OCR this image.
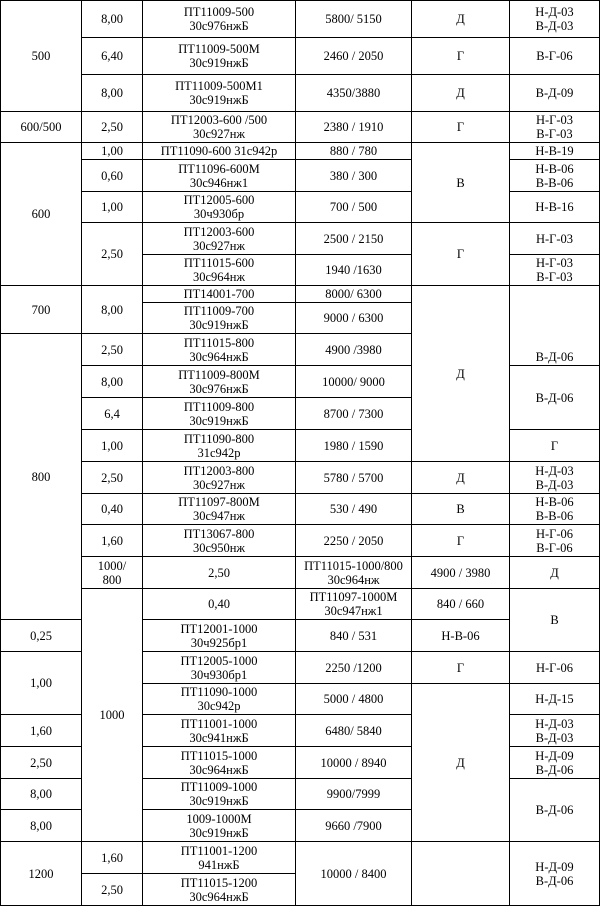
500	8,00	ПТ11009-500
30с976нжБ	5800/ 5150	Д	Н-Д-03
В-Д-03	

	6,40	ПТ11009-500М
30с919нжБ	2460 / 2050	Г	В-Г-06	

	8,00	ПТ11009-500М1
30с919нжБ	4350/3880	Д	В-Д-09	

600/500	2,50	ПТ12003-600 /500
30с927нж	2380 / 1910	Г	Н-Г-03
В-Г-03	

600	1,00	ПТ11090-600 31с942р	880 / 780	В	Н-В-19	

	0,60	ПТ11096-600М
30с946нж1	380 / 300		Н-В-06
В-В-06	

	1,00	ПТ12005-600
30ч930бр	700 / 500		Н-В-16	

	2,50	ПТ12003-600
30с927нж	2500 / 2150	Г	Н-Г-03	

		ПТ11015-600
30с964нж	1940 /1630		Н-Г-03
В-Г-03	

700	8,00	ПТ14001-700	8000/ 6300	Д	В-Д-06	

		ПТ11009-700
30с919нжБ	9000 / 6300			

800	2,50	ПТ11015-800
30с964нжБ	4900 /3980			

	8,00	ПТ11009-800М
30с976нжБ	10000/ 9000		В-Д-06	

	6,4	ПТ11009-800
30с919нжБ	8700 / 7300			

	1,00	ПТ11090-800
31с942р	1980 / 1590		Г

	2,50	ПТ12003-800
30с927нж	5780 / 5700	Д	Н-Д-03
В-Д-03	

	0,40	ПТ11097-800М
30с947нж	530 / 490	В	Н-В-06
В-В-06	

	1,60	ПТ13067-800
30с950нж	2250 / 2050	Г	Н-Г-06
В-Г-06	

	1000/
800	2,50	ПТ11015-1000/800
30с964нж	4900 / 3980	Д

	1000	0,40	ПТ11097-1000М
30с947нж1	840 / 660	В

0,25		ПТ12001-1000
30ч925бр1	840 / 531	Н-В-06		

1,00		ПТ12005-1000
30ч930бр1	2250 /1200	Г	Н-Г-06	

		ПТ11090-1000
30с942р	5000 / 4800	Д	Н-Д-15	

1,60		ПТ11001-1000
30с941нжБ	6480/ 5840		Н-Д-03
В-Д-03	

2,50		ПТ11015-1000
30с964нжБ	10000 / 8940		Н-Д-09
В-Д-06	

8,00		ПТ11009-1000
30с919нжБ	9900/7999		В-Д-06	

8,00		1009-1000М
30с919нжБ	9660 /7900			

1200	1,60	ПТ11001-1200
941нжБ	10000 / 8400		Н-Д-09
В-Д-06	

	2,50	ПТ11015-1200
30с964нжБ				
